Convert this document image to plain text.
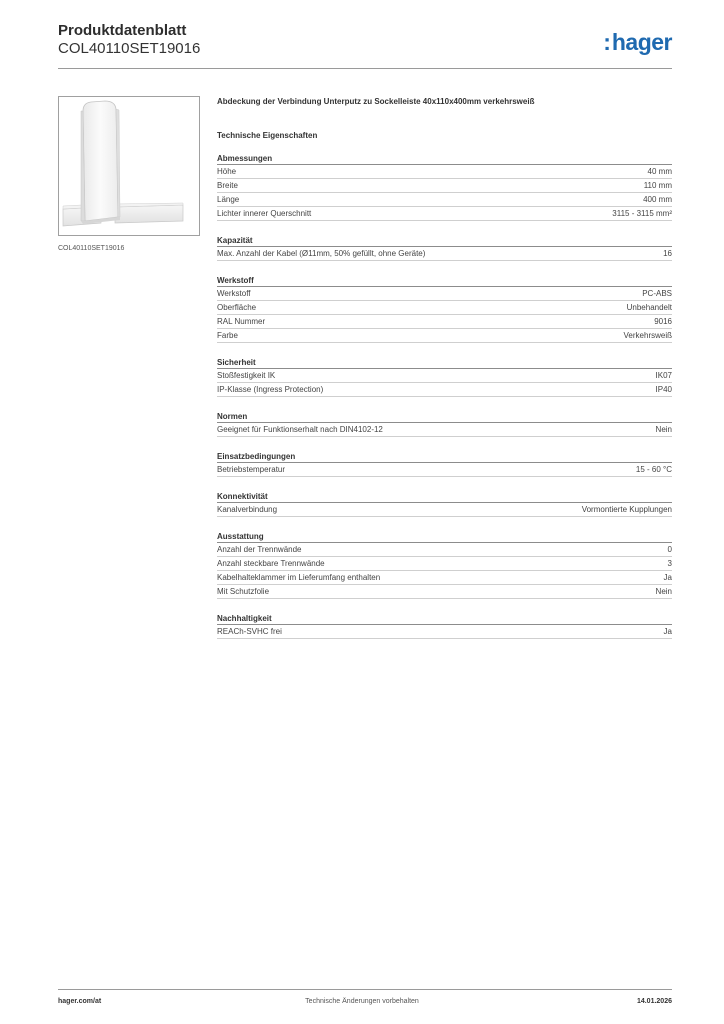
Produktdatenblatt
COL40110SET19016	:hager
COL40110SET19016
Abdeckung der Verbindung Unterputz zu Sockelleiste 40x110x400mm verkehrsweiß
Technische Eigenschaften
Abmessungen
Höhe	40 mm
Breite	110 mm
Länge	400 mm
Lichter innerer Querschnitt	3115 - 3115 mm²
Kapazität
Max. Anzahl der Kabel (Ø11mm, 50% gefüllt, ohne Geräte)	16
Werkstoff
Werkstoff	PC-ABS
Oberfläche	Unbehandelt
RAL Nummer	9016
Farbe	Verkehrsweiß
Sicherheit
Stoßfestigkeit IK	IK07
IP-Klasse (Ingress Protection)	IP40
Normen
Geeignet für Funktionserhalt nach DIN4102-12	Nein
Einsatzbedingungen
Betriebstemperatur	15 - 60 °C
Konnektivität
Kanalverbindung	Vormontierte Kupplungen
Ausstattung
Anzahl der Trennwände	0
Anzahl steckbare Trennwände	3
Kabelhalteklammer im Lieferumfang enthalten	Ja
Mit Schutzfolie	Nein
Nachhaltigkeit
REACh-SVHC frei	Ja
hager.com/at	Technische Änderungen vorbehalten	14.01.2026
